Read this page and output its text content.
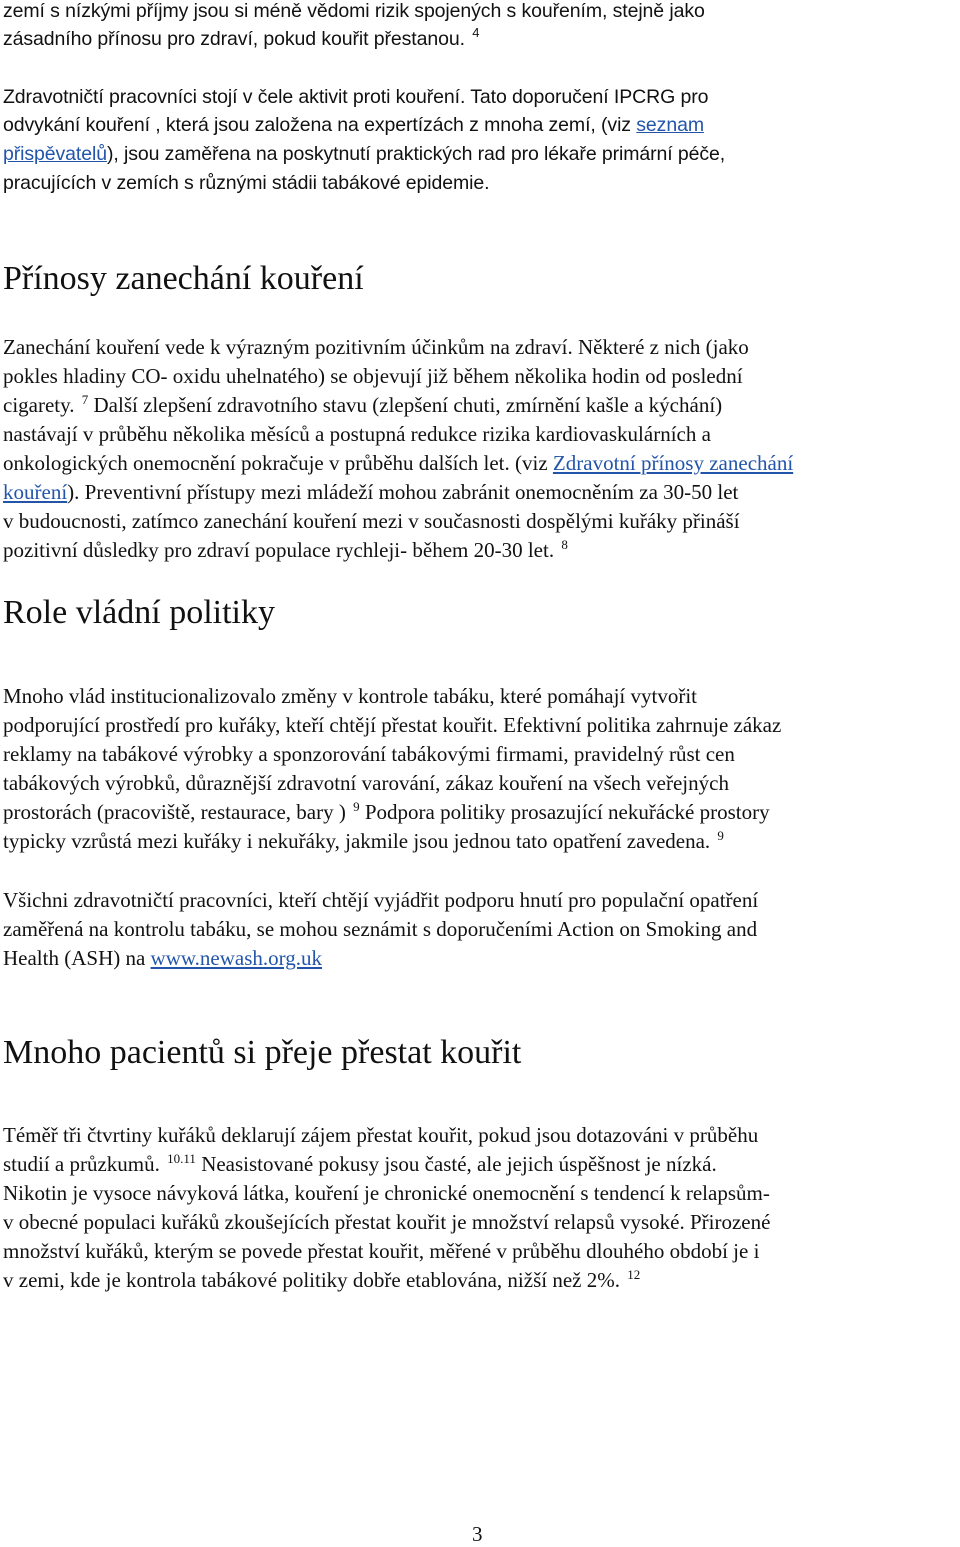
zemí s nízkými příjmy jsou si méně vědomi rizik spojených s kouřením, stejně jako

zásadního přínosu pro zdraví, pokud kouřit přestanou. $^4$

Zdravotničtí pracovníci stojí v čele aktivit proti kouření. Tato doporučení IPCRG pro

odvykání kouření , která jsou založena na expertízách z mnoha zemí, (viz seznam

přispěvatelů), jsou zaměřena na poskytnutí praktických rad pro lékaře primární péče,

pracujících v zemích s různými stádii tabákové epidemie.

Přínosy zanechání kouření

Zanechání kouření vede k výrazným pozitivním účinkům na zdraví. Některé z nich (jako

pokles hladiny CO- oxidu uhelnatého) se objevují již během několika hodin od poslední

cigarety. $^7$ Další zlepšení zdravotního stavu (zlepšení chuti, zmírnění kašle a kýchání)

nastávají v průběhu několika měsíců a postupná redukce rizika kardiovaskulárních a

onkologických onemocnění pokračuje v průběhu dalších let. (viz Zdravotní přínosy zanechání

kouření). Preventivní přístupy mezi mládeží mohou zabránit onemocněním za 30-50 let

v budoucnosti, zatímco zanechání kouření mezi v současnosti dospělými kuřáky přináší

pozitivní důsledky pro zdraví populace rychleji- během 20-30 let. $^8$

Role vládní politiky

Mnoho vlád institucionalizovalo změny v kontrole tabáku, které pomáhají vytvořit

podporující prostředí pro kuřáky, kteří chtějí přestat kouřit. Efektivní politika zahrnuje zákaz

reklamy na tabákové výrobky a sponzorování tabákovými firmami, pravidelný růst cen

tabákových výrobků, důraznější zdravotní varování, zákaz kouření na všech veřejných

prostorách (pracoviště, restaurace, bary ) $^9$ Podpora politiky prosazující nekuřácké prostory

typicky vzrůstá mezi kuřáky i nekuřáky, jakmile jsou jednou tato opatření zavedena. $^9$

Všichni zdravotničtí pracovníci, kteří chtějí vyjádřit podporu hnutí pro populační opatření

zaměřená na kontrolu tabáku, se mohou seznámit s doporučeními Action on Smoking and

Health (ASH) na www.newash.org.uk

Mnoho pacientů si přeje přestat kouřit

Téměř tři čtvrtiny kuřáků deklarují zájem přestat kouřit, pokud jsou dotazováni v průběhu

studií a průzkumů. $^{10.11}$ Neasistované pokusy jsou časté, ale jejich úspěšnost je nízká.

Nikotin je vysoce návyková látka, kouření je chronické onemocnění s tendencí k relapsům-

v obecné populaci kuřáků zkoušejících přestat kouřit je množství relapsů vysoké. Přirozené

množství kuřáků, kterým se povede přestat kouřit, měřené v průběhu dlouhého období je i

v zemi, kde je kontrola tabákové politiky dobře etablována, nižší než 2%. $^{12}$

3
